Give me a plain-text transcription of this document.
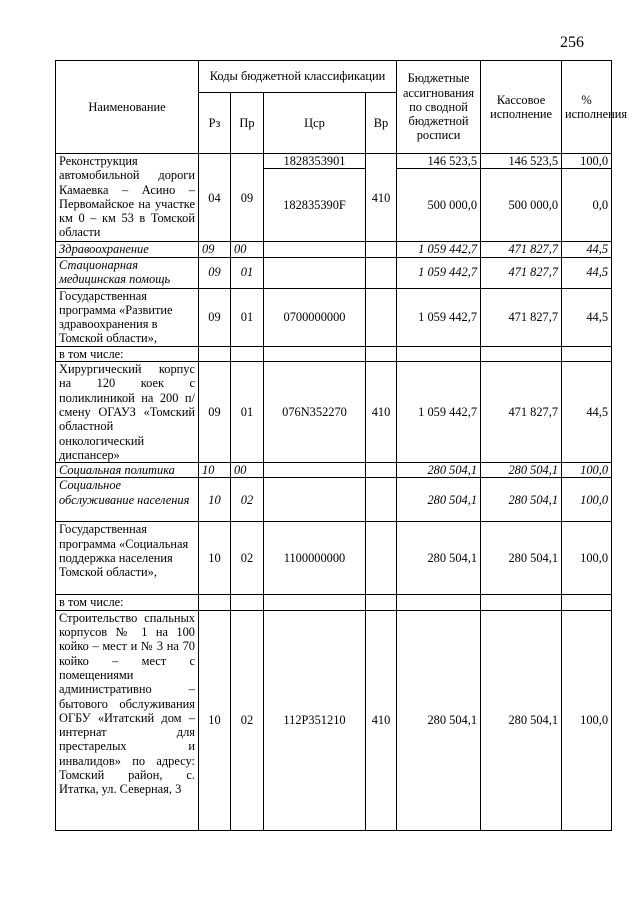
256
Наименование	Коды бюджетной классификации				Бюджетные ассигнования по сводной бюджетной росписи	Кассовое исполнение	% исполнения
	Рз	Пр	Цср	Вр			
Реконструкция автомобильной дороги Камаевка – Асино – Первомайское на участке км 0 – км 53 в Томской области	04	09	1828353901	410	146 523,5	146 523,5	100,0
			182835390F		500 000,0	500 000,0	0,0
Здравоохранение	09	00			1 059 442,7	471 827,7	44,5
Стационарная медицинская помощь	09	01			1 059 442,7	471 827,7	44,5
Государственная программа «Развитие здравоохранения в Томской области»,	09	01	0700000000		1 059 442,7	471 827,7	44,5
в том числе:							
Хирургический корпус на 120 коек с поликлиникой на 200 п/смену ОГАУЗ «Томский областной онкологический диспансер»	09	01	076N352270	410	1 059 442,7	471 827,7	44,5
Социальная политика	10	00			280 504,1	280 504,1	100,0
Социальное обслуживание населения	10	02			280 504,1	280 504,1	100,0
Государственная программа «Социальная поддержка населения Томской области»,	10	02	1100000000		280 504,1	280 504,1	100,0
в том числе:							
Строительство спальных корпусов № 1 на 100 койко – мест и № 3 на 70 койко – мест с помещениями административно – бытового обслуживания ОГБУ «Итатский дом – интернат для престарелых и инвалидов» по адресу: Томский район, с. Итатка, ул. Северная, 3	10	02	112P351210	410	280 504,1	280 504,1	100,0
